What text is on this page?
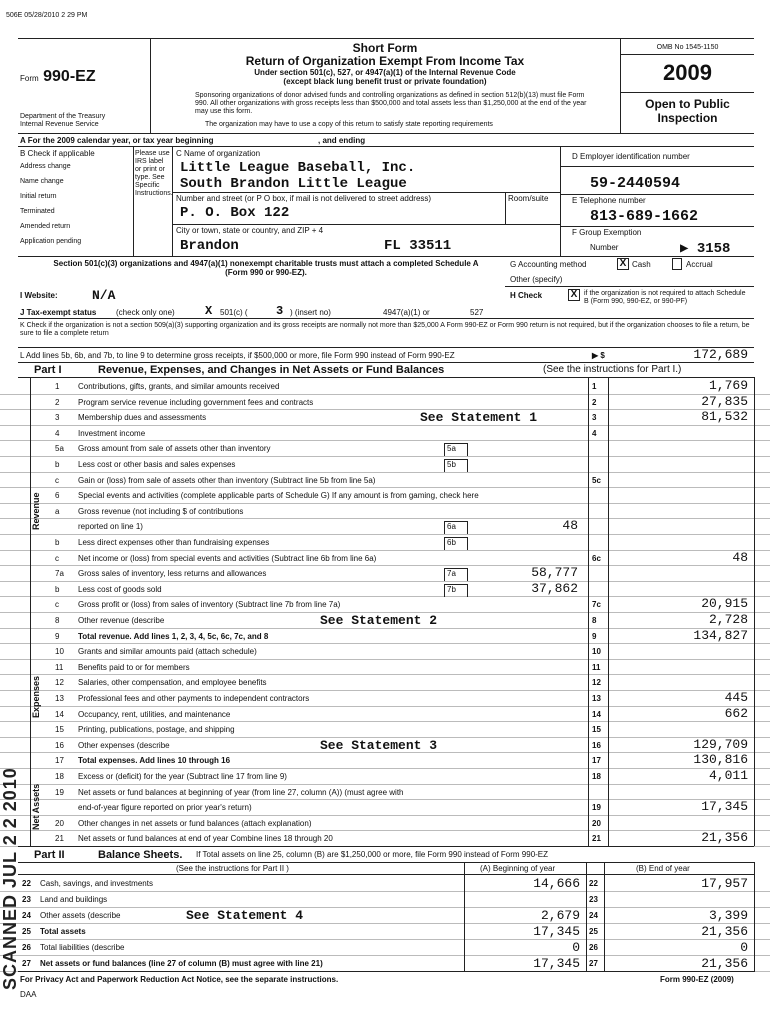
506E 05/28/2010 2 29 PM
Form 990-EZ
Department of the Treasury
Internal Revenue Service
Short Form
Return of Organization Exempt From Income Tax
Under section 501(c), 527, or 4947(a)(1) of the Internal Revenue Code
(except black lung benefit trust or private foundation)
Sponsoring organizations of donor advised funds and controlling organizations as defined in section 512(b)(13) must file Form 990. All other organizations with gross receipts less than $500,000 and total assets less than $1,250,000 at the end of the year may use this form.
The organization may have to use a copy of this return to satisfy state reporting requirements
OMB No 1545-1150
2009
Open to Public
Inspection
A For the 2009 calendar year, or tax year beginning	, and ending
B Check if applicable
Address change
Name change
Initial return
Terminated
Amended return
Application pending
Please use IRS label or print or type. See Specific Instructions.
C Name of organization
Little League Baseball, Inc.
South Brandon Little League
Number and street (or P O box, if mail is not delivered to street address)	Room/suite
P. O. Box 122
City or town, state or country, and ZIP + 4
Brandon	FL 33511
D Employer identification number
59-2440594
E Telephone number
813-689-1662
F Group Exemption
Number	▶ 3158
Section 501(c)(3) organizations and 4947(a)(1) nonexempt charitable trusts must attach a completed Schedule A (Form 990 or 990-EZ).
G Accounting method	X Cash	Accrual
Other (specify)
I Website:	N/A	H Check	X if the organization is not required to attach Schedule B (Form 990, 990-EZ, or 990-PF)
J Tax-exempt status (check only one)	X 501(c) ( 3 ) (insert no)	4947(a)(1) or	527
K Check if the organization is not a section 509(a)(3) supporting organization and its gross receipts are normally not more than $25,000 A Form 990-EZ or Form 990 return is not required, but if the organization chooses to file a return, be sure to file a complete return
L Add lines 5b, 6b, and 7b, to line 9 to determine gross receipts, if $500,000 or more, file Form 990 instead of Form 990-EZ	▶ $	172,689
Part I	Revenue, Expenses, and Changes in Net Assets or Fund Balances	(See the instructions for Part I.)
1 Contributions, gifts, grants, and similar amounts received	1	1,769
2 Program service revenue including government fees and contracts	2	27,835
3 Membership dues and assessments	See Statement 1	3	81,532
4 Investment income	4
5a Gross amount from sale of assets other than inventory	5a
b Less cost or other basis and sales expenses	5b
c Gain or (loss) from sale of assets other than inventory (Subtract line 5b from line 5a)	5c
6 Special events and activities (complete applicable parts of Schedule G) If any amount is from gaming, check here
a Gross revenue (not including $ of contributions
reported on line 1)	6a	48
b Less direct expenses other than fundraising expenses	6b
c Net income or (loss) from special events and activities (Subtract line 6b from line 6a)	6c	48
7a Gross sales of inventory, less returns and allowances	7a	58,777
b Less cost of goods sold	7b	37,862
c Gross profit or (loss) from sales of inventory (Subtract line 7b from line 7a)	7c	20,915
8 Other revenue (describe	See Statement 2	8	2,728
9 Total revenue. Add lines 1, 2, 3, 4, 5c, 6c, 7c, and 8	9	134,827
10 Grants and similar amounts paid (attach schedule)	10
11 Benefits paid to or for members	11
12 Salaries, other compensation, and employee benefits	12
13 Professional fees and other payments to independent contractors	13	445
14 Occupancy, rent, utilities, and maintenance	14	662
15 Printing, publications, postage, and shipping	15
16 Other expenses (describe	See Statement 3	16	129,709
17 Total expenses. Add lines 10 through 16	17	130,816
18 Excess or (deficit) for the year (Subtract line 17 from line 9)	18	4,011
19 Net assets or fund balances at beginning of year (from line 27, column (A)) (must agree with
end-of-year figure reported on prior year's return)	19	17,345
20 Other changes in net assets or fund balances (attach explanation)	20
21 Net assets or fund balances at end of year Combine lines 18 through 20	21	21,356
Revenue
Expenses
Net Assets
Part II	Balance Sheets. If Total assets on line 25, column (B) are $1,250,000 or more, file Form 990 instead of Form 990-EZ
(See the instructions for Part II )	(A) Beginning of year	(B) End of year
22 Cash, savings, and investments	14,666 22	17,957
23 Land and buildings	23
24 Other assets (describe	See Statement 4	2,679 24	3,399
25 Total assets	17,345 25	21,356
26 Total liabilities (describe	0 26	0
27 Net assets or fund balances (line 27 of column (B) must agree with line 21)	17,345 27	21,356
For Privacy Act and Paperwork Reduction Act Notice, see the separate instructions.
DAA
Form 990-EZ (2009)
SCANNED JUL 2 2 2010
